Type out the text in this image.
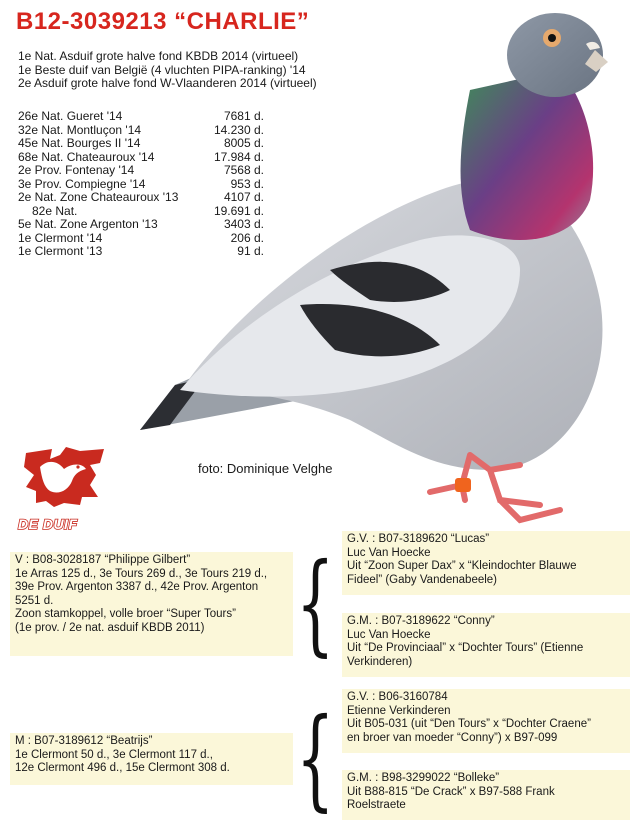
B12-3039213 “CHARLIE”
1e Nat. Asduif grote halve fond KBDB 2014 (virtueel)
1e Beste duif van België (4 vluchten PIPA-ranking) '14
2e Asduif grote halve fond W-Vlaanderen 2014 (virtueel)
26e Nat. Gueret '14	7681 d.
32e Nat. Montluçon '14	14.230 d.
45e Nat. Bourges II '14	8005 d.
68e Nat. Chateauroux '14	17.984 d.
2e Prov. Fontenay '14	7568 d.
3e Prov. Compiegne '14	953 d.
2e Nat. Zone Chateauroux '13	4107 d.
82e Nat.	19.691 d.
5e Nat. Zone Argenton '13	3403 d.
1e Clermont '14	206 d.
1e Clermont '13	91 d.
DE DUIF
foto: Dominique Velghe
V : B08-3028187 “Philippe Gilbert”
1e Arras 125 d., 3e Tours 269 d., 3e Tours 219 d.,
39e Prov. Argenton 3387 d., 42e Prov. Argenton
5251 d.
Zoon stamkoppel, volle broer “Super Tours”
(1e prov. / 2e nat. asduif KBDB 2011) { G.V. : B07-3189620 “Lucas”
Luc Van Hoecke
Uit “Zoon Super Dax” x “Kleindochter Blauwe
Fideel” (Gaby Vandenabeele)
G.M. : B07-3189622 “Conny”
Luc Van Hoecke
Uit “De Provinciaal” x “Dochter Tours” (Etienne
Verkinderen)
M : B07-3189612 “Beatrijs”
1e Clermont 50 d., 3e Clermont 117 d.,
12e Clermont 496 d., 15e Clermont 308 d. { G.V. : B06-3160784
Etienne Verkinderen
Uit B05-031 (uit “Den Tours” x “Dochter Craene”
en broer van moeder “Conny”) x B97-099
G.M. : B98-3299022 “Bolleke”
Uit B88-815 “De Crack” x B97-588 Frank
Roelstraete
